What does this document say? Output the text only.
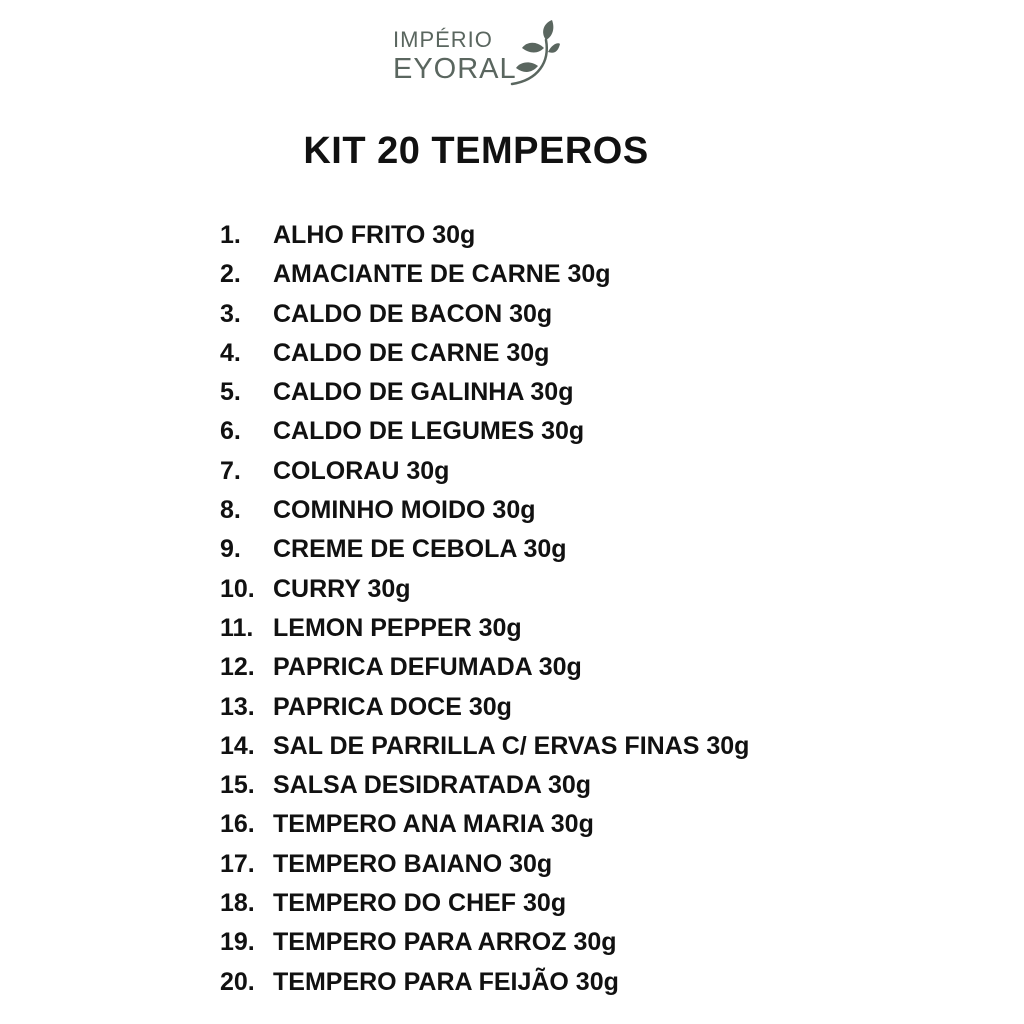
IMPÉRIO
EYORAL
KIT 20 TEMPEROS
1.	ALHO FRITO 30g
2.	AMACIANTE DE CARNE 30g
3.	CALDO DE BACON 30g
4.	CALDO DE CARNE 30g
5.	CALDO DE GALINHA 30g
6.	CALDO DE LEGUMES 30g
7.	COLORAU 30g
8.	COMINHO MOIDO 30g
9.	CREME DE CEBOLA 30g
10. CURRY 30g
11. LEMON PEPPER 30g
12. PAPRICA DEFUMADA 30g
13. PAPRICA DOCE 30g
14. SAL DE PARRILLA C/ ERVAS FINAS 30g
15. SALSA DESIDRATADA 30g
16. TEMPERO ANA MARIA 30g
17. TEMPERO BAIANO 30g
18. TEMPERO DO CHEF 30g
19. TEMPERO PARA ARROZ 30g
20. TEMPERO PARA FEIJÃO 30g
